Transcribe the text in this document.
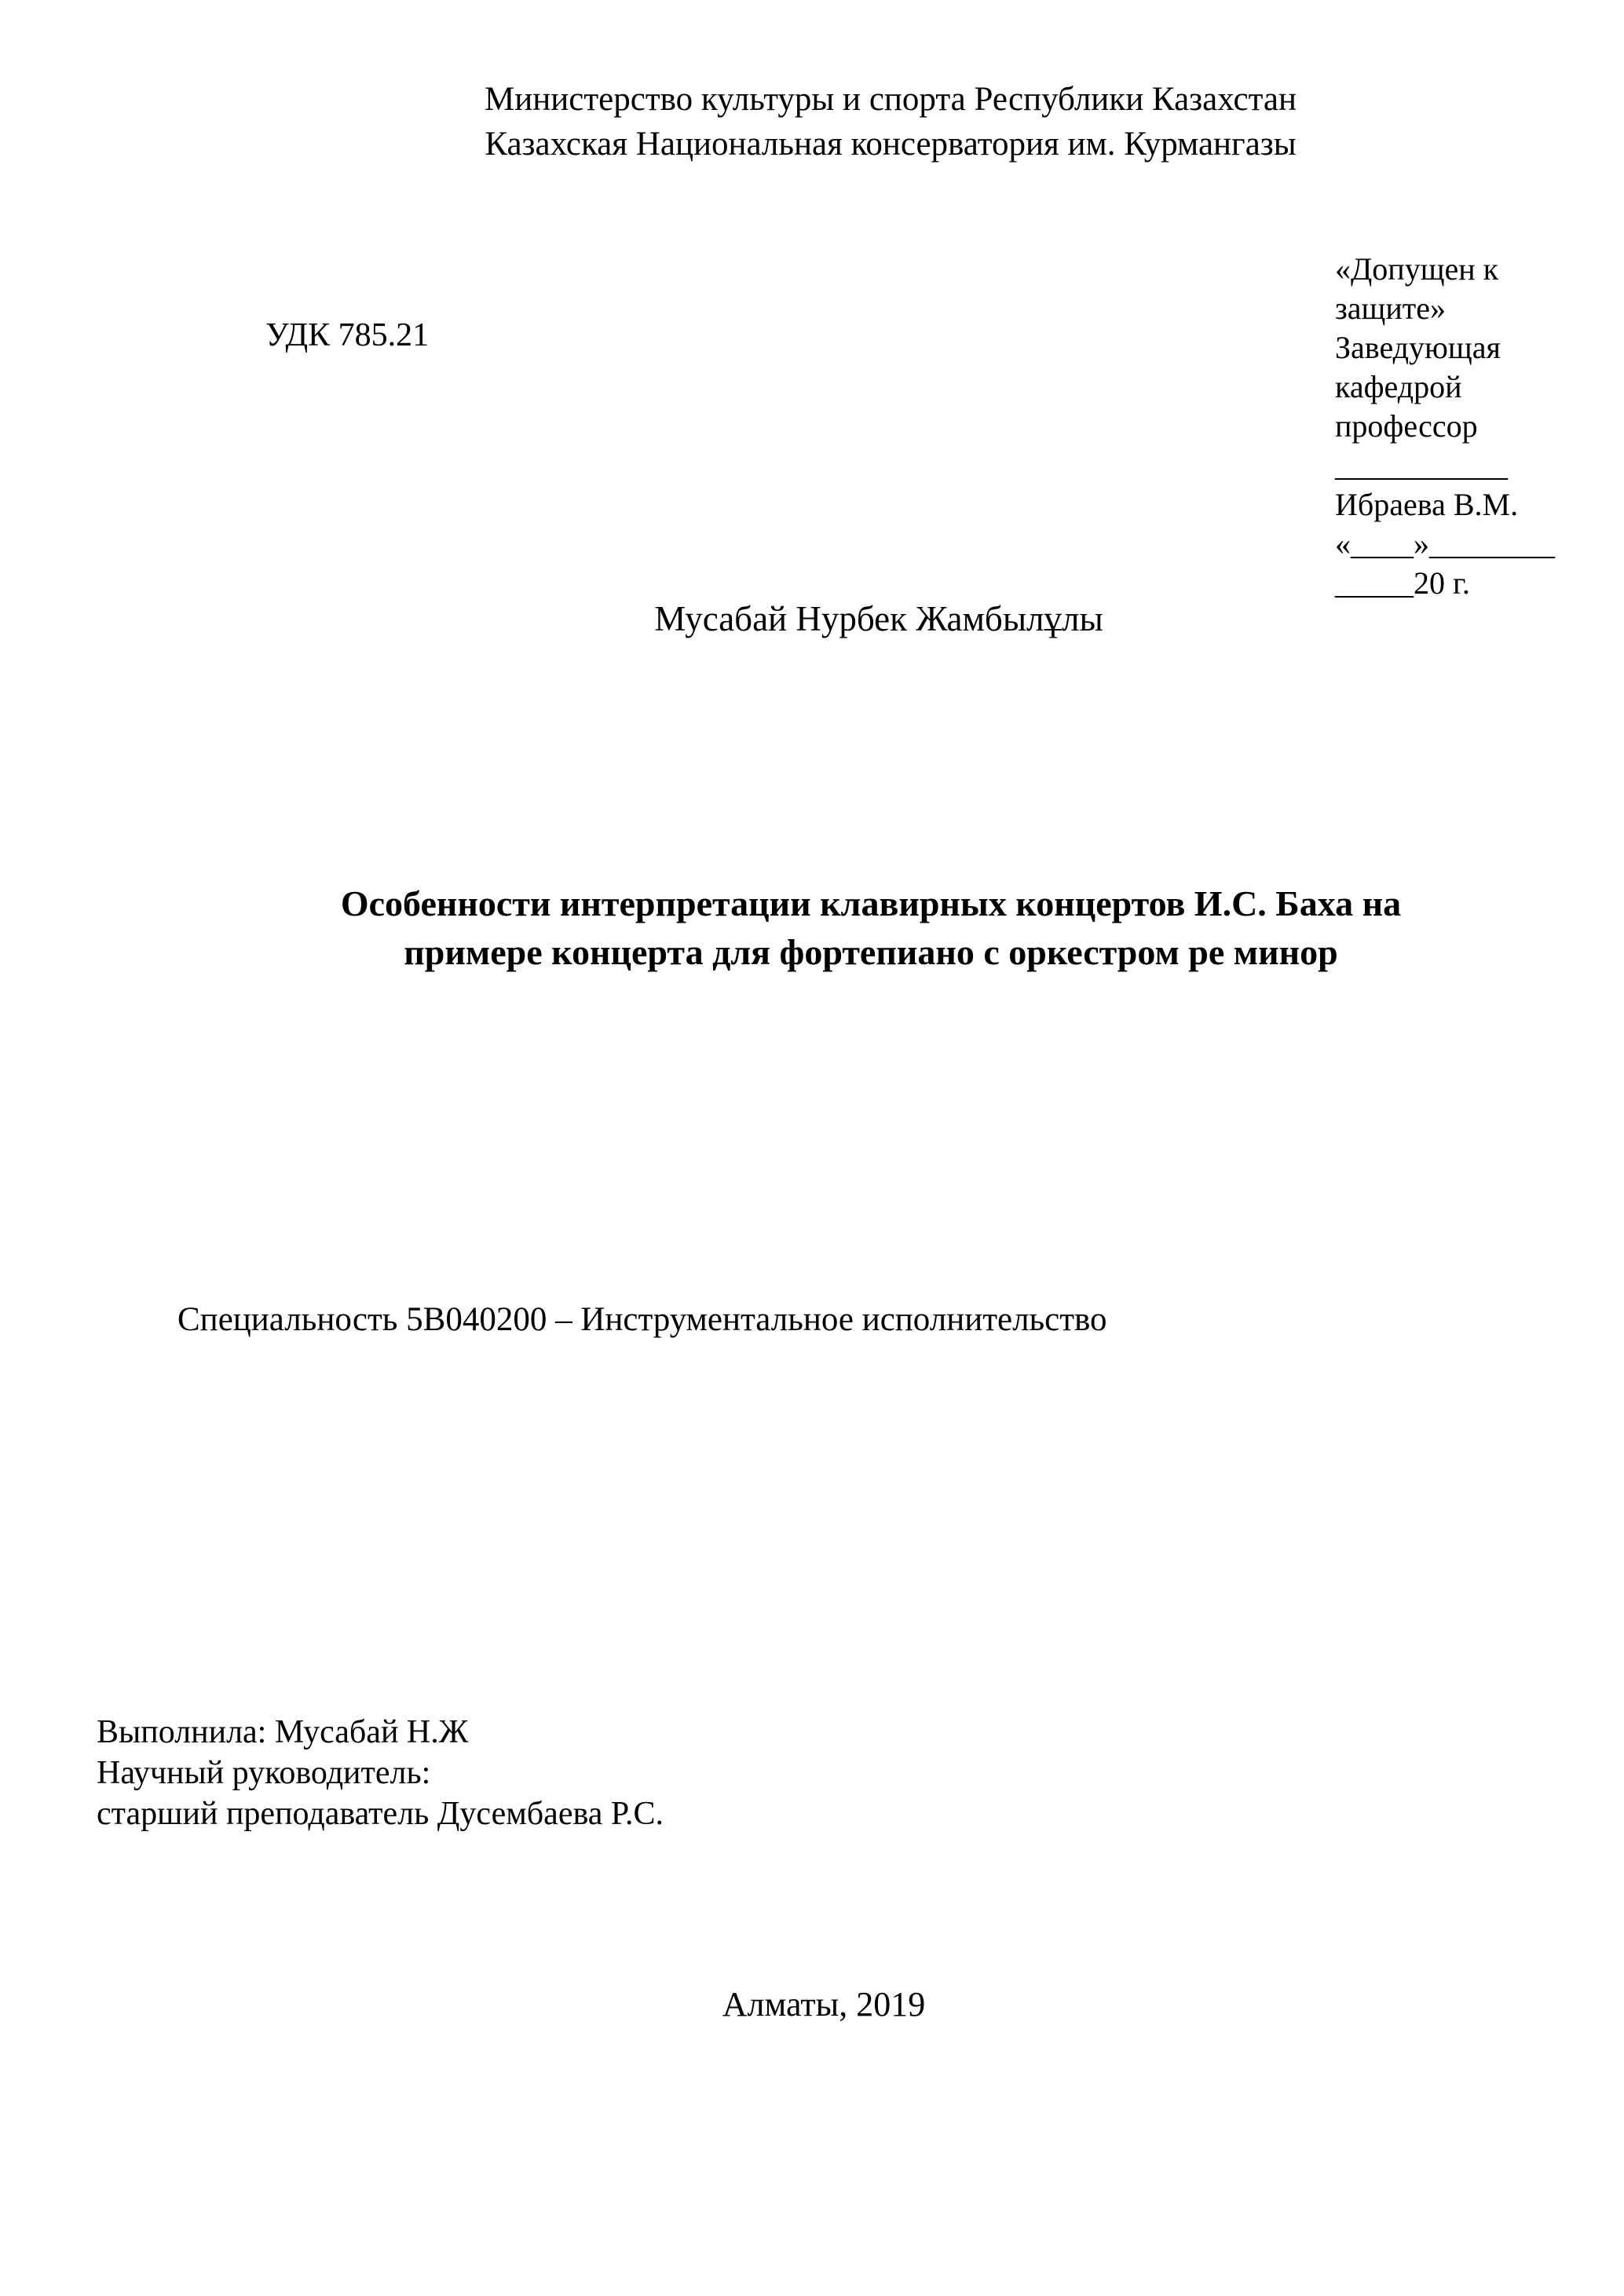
Министерство культуры и спорта Республики Казахстан
Казахская Национальная консерватория им. Курмангазы
УДК 785.21
«Допущен к
защите»
Заведующая
кафедрой
профессор
___________
Ибраева В.М.
«____»________
_____20 г.
Мусабай Нурбек Жамбылұлы
Особенности интерпретации клавирных концертов И.С. Баха на
примере концерта для фортепиано с оркестром ре минор
Специальность 5В040200 – Инструментальное исполнительство
Выполнила: Мусабай Н.Ж
Научный руководитель:
старший преподаватель Дусембаева Р.С.
Алматы, 2019
